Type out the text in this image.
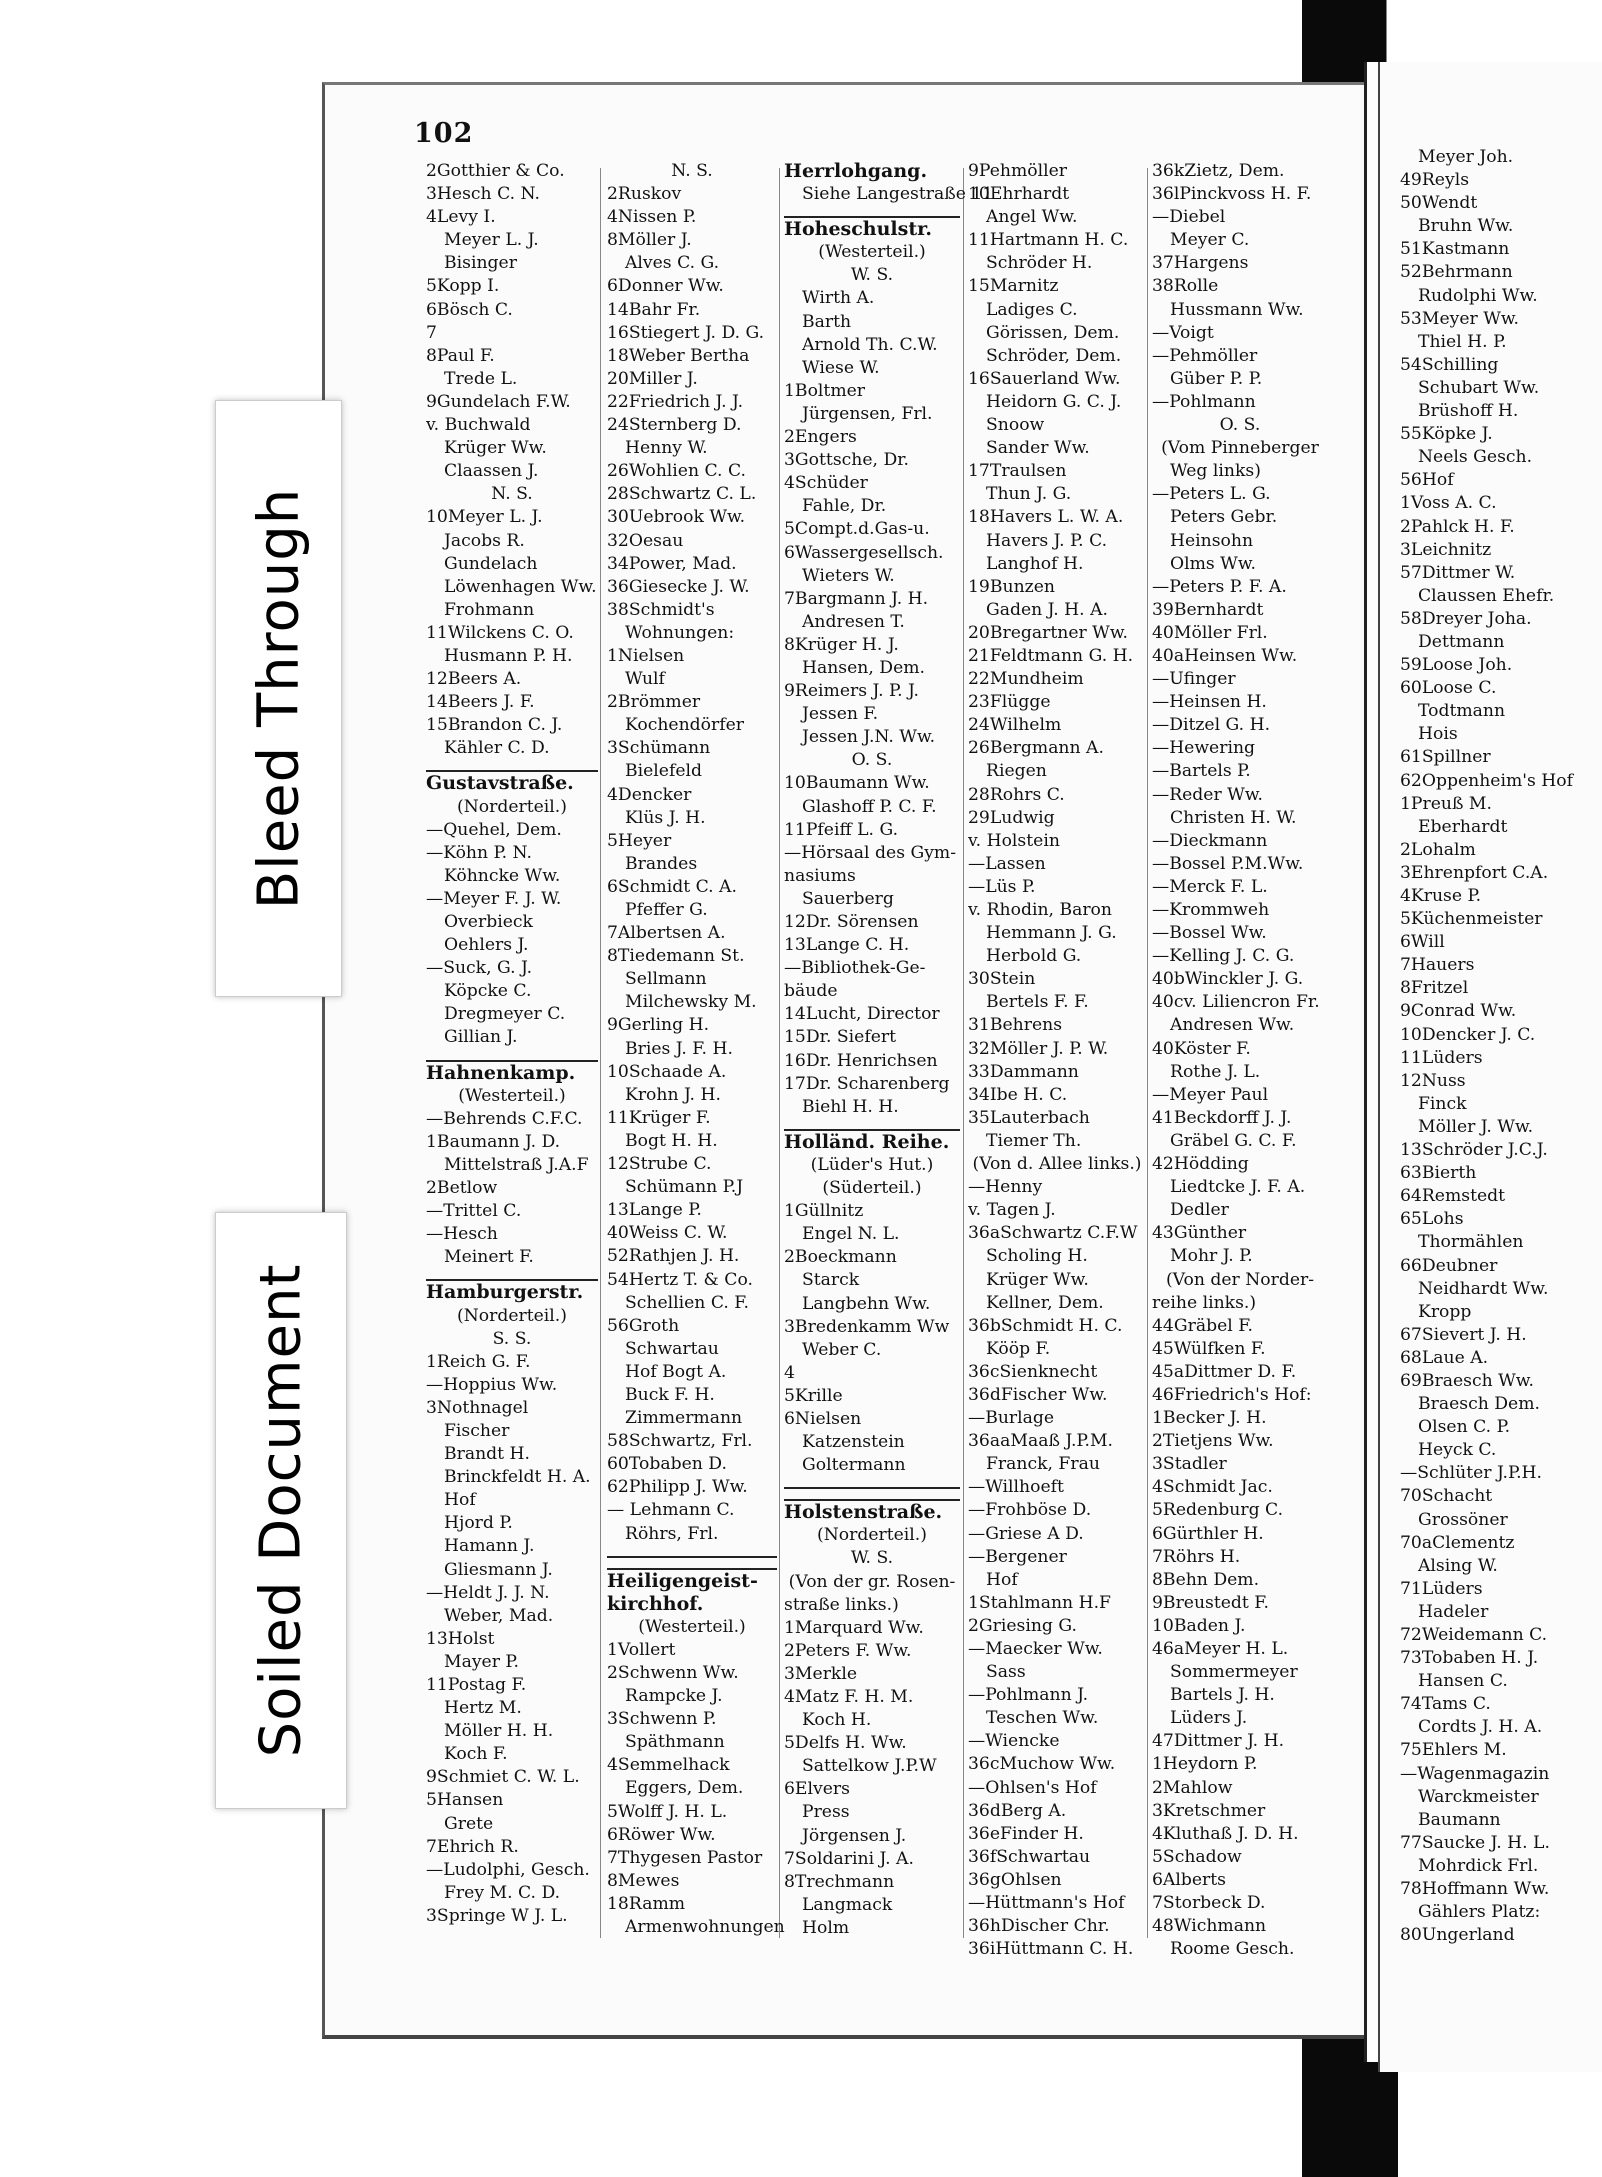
102
2Gotthier & Co.
3Hesch C. N.
4Levy I.
Meyer L. J.
Bisinger
5Kopp I.
6Bösch C.
7
8Paul F.
Trede L.
9Gundelach F.W.
v. Buchwald
Krüger Ww.
Claassen J.
N. S.
10Meyer L. J.
Jacobs R.
Gundelach
Löwenhagen Ww.
Frohmann
11Wilckens C. O.
Husmann P. H.
12Beers A.
14Beers J. F.
15Brandon C. J.
Kähler C. D.
Gustavstraße.
(Norderteil.)
—Quehel, Dem.
—Köhn P. N.
Köhncke Ww.
—Meyer F. J. W.
Overbieck
Oehlers J.
—Suck, G. J.
Köpcke C.
Dregmeyer C.
Gillian J.
Hahnenkamp.
(Westerteil.)
—Behrends C.F.C.
1Baumann J. D.
Mittelstraß J.A.F
2Betlow
—Trittel C.
—Hesch
Meinert F.
Hamburgerstr.
(Norderteil.)
S. S.
1Reich G. F.
—Hoppius Ww.
3Nothnagel
Fischer
Brandt H.
Brinckfeldt H. A.
Hof
Hjord P.
Hamann J.
Gliesmann J.
—Heldt J. J. N.
Weber, Mad.
13Holst
Mayer P.
11Postag F.
Hertz M.
Möller H. H.
Koch F.
9Schmiet C. W. L.
5Hansen
Grete
7Ehrich R.
—Ludolphi, Gesch.
Frey M. C. D.
3Springe W J. L.
N. S.
2Ruskov
4Nissen P.
8Möller J.
Alves C. G.
6Donner Ww.
14Bahr Fr.
16Stiegert J. D. G.
18Weber Bertha
20Miller J.
22Friedrich J. J.
24Sternberg D.
Henny W.
26Wohlien C. C.
28Schwartz C. L.
30Uebrook Ww.
32Oesau
34Power, Mad.
36Giesecke J. W.
38Schmidt's
Wohnungen:
1Nielsen
Wulf
2Brömmer
Kochendörfer
3Schümann
Bielefeld
4Dencker
Klüs J. H.
5Heyer
Brandes
6Schmidt C. A.
Pfeffer G.
7Albertsen A.
8Tiedemann St.
Sellmann
Milchewsky M.
9Gerling H.
Bries J. F. H.
10Schaade A.
Krohn J. H.
11Krüger F.
Bogt H. H.
12Strube C.
Schümann P.J
13Lange P.
40Weiss C. W.
52Rathjen J. H.
54Hertz T. & Co.
Schellien C. F.
56Groth
Schwartau
Hof Bogt A.
Buck F. H.
Zimmermann
58Schwartz, Frl.
60Tobaben D.
62Philipp J. Ww.
— Lehmann C.
Röhrs, Frl.
Heiligengeist-
kirchhof.
(Westerteil.)
1Vollert
2Schwenn Ww.
Rampcke J.
3Schwenn P.
Späthmann
4Semmelhack
Eggers, Dem.
5Wolff J. H. L.
6Röwer Ww.
7Thygesen Pastor
8Mewes
18Ramm
Armenwohnungen
Herrlohgang.
Siehe Langestraße 11
Hoheschulstr.
(Westerteil.)
W. S.
Wirth A.
Barth
Arnold Th. C.W.
Wiese W.
1Boltmer
Jürgensen, Frl.
2Engers
3Gottsche, Dr.
4Schüder
Fahle, Dr.
5Compt.d.Gas-u.
6Wassergesellsch.
Wieters W.
7Bargmann J. H.
Andresen T.
8Krüger H. J.
Hansen, Dem.
9Reimers J. P. J.
Jessen F.
Jessen J.N. Ww.
O. S.
10Baumann Ww.
Glashoff P. C. F.
11Pfeiff L. G.
—Hörsaal des Gym-
nasiums
Sauerberg
12Dr. Sörensen
13Lange C. H.
—Bibliothek-Ge-
bäude
14Lucht, Director
15Dr. Siefert
16Dr. Henrichsen
17Dr. Scharenberg
Biehl H. H.
Holländ. Reihe.
(Lüder's Hut.)
(Süderteil.)
1Güllnitz
Engel N. L.
2Boeckmann
Starck
Langbehn Ww.
3Bredenkamm Ww
Weber C.
4
5Krille
6Nielsen
Katzenstein
Goltermann
Holstenstraße.
(Norderteil.)
W. S.
(Von der gr. Rosen-
straße links.)
1Marquard Ww.
2Peters F. Ww.
3Merkle
4Matz F. H. M.
Koch H.
5Delfs H. Ww.
Sattelkow J.P.W
6Elvers
Press
Jörgensen J.
7Soldarini J. A.
8Trechmann
Langmack
Holm
9Pehmöller
10Ehrhardt
Angel Ww.
11Hartmann H. C.
Schröder H.
15Marnitz
Ladiges C.
Görissen, Dem.
Schröder, Dem.
16Sauerland Ww.
Heidorn G. C. J.
Snoow
Sander Ww.
17Traulsen
Thun J. G.
18Havers L. W. A.
Havers J. P. C.
Langhof H.
19Bunzen
Gaden J. H. A.
20Bregartner Ww.
21Feldtmann G. H.
22Mundheim
23Flügge
24Wilhelm
26Bergmann A.
Riegen
28Rohrs C.
29Ludwig
v. Holstein
—Lassen
—Lüs P.
v. Rhodin, Baron
Hemmann J. G.
Herbold G.
30Stein
Bertels F. F.
31Behrens
32Möller J. P. W.
33Dammann
34Ibe H. C.
35Lauterbach
Tiemer Th.
(Von d. Allee links.)
—Henny
v. Tagen J.
36aSchwartz C.F.W
Scholing H.
Krüger Ww.
Kellner, Dem.
36bSchmidt H. C.
Kööp F.
36cSienknecht
36dFischer Ww.
—Burlage
36aaMaaß J.P.M.
Franck, Frau
—Willhoeft
—Frohböse D.
—Griese A D.
—Bergener
Hof
1Stahlmann H.F
2Griesing G.
—Maecker Ww.
Sass
—Pohlmann J.
Teschen Ww.
—Wiencke
36cMuchow Ww.
—Ohlsen's Hof
36dBerg A.
36eFinder H.
36fSchwartau
36gOhlsen
—Hüttmann's Hof
36hDischer Chr.
36iHüttmann C. H.
36kZietz, Dem.
36lPinckvoss H. F.
—Diebel
Meyer C.
37Hargens
38Rolle
Hussmann Ww.
—Voigt
—Pehmöller
Güber P. P.
—Pohlmann
O. S.
(Vom Pinneberger
Weg links)
—Peters L. G.
Peters Gebr.
Heinsohn
Olms Ww.
—Peters P. F. A.
39Bernhardt
40Möller Frl.
40aHeinsen Ww.
—Ufinger
—Heinsen H.
—Ditzel G. H.
—Hewering
—Bartels P.
—Reder Ww.
Christen H. W.
—Dieckmann
—Bossel P.M.Ww.
—Merck F. L.
—Krommweh
—Bossel Ww.
—Kelling J. C. G.
40bWinckler J. G.
40cv. Liliencron Fr.
Andresen Ww.
40Köster F.
Rothe J. L.
—Meyer Paul
41Beckdorff J. J.
Gräbel G. C. F.
42Hödding
Liedtcke J. F. A.
Dedler
43Günther
Mohr J. P.
(Von der Norder-
reihe links.)
44Gräbel F.
45Wülfken F.
45aDittmer D. F.
46Friedrich's Hof:
1Becker J. H.
2Tietjens Ww.
3Stadler
4Schmidt Jac.
5Redenburg C.
6Gürthler H.
7Röhrs H.
8Behn Dem.
9Breustedt F.
10Baden J.
46aMeyer H. L.
Sommermeyer
Bartels J. H.
Lüders J.
47Dittmer J. H.
1Heydorn P.
2Mahlow
3Kretschmer
4Kluthaß J. D. H.
5Schadow
6Alberts
7Storbeck D.
48Wichmann
Roome Gesch.
Meyer Joh.
49Reyls
50Wendt
Bruhn Ww.
51Kastmann
52Behrmann
Rudolphi Ww.
53Meyer Ww.
Thiel H. P.
54Schilling
Schubart Ww.
Brüshoff H.
55Köpke J.
Neels Gesch.
56Hof
1Voss A. C.
2Pahlck H. F.
3Leichnitz
57Dittmer W.
Claussen Ehefr.
58Dreyer Joha.
Dettmann
59Loose Joh.
60Loose C.
Todtmann
Hois
61Spillner
62Oppenheim's Hof
1Preuß M.
Eberhardt
2Lohalm
3Ehrenpfort C.A.
4Kruse P.
5Küchenmeister
6Will
7Hauers
8Fritzel
9Conrad Ww.
10Dencker J. C.
11Lüders
12Nuss
Finck
Möller J. Ww.
13Schröder J.C.J.
63Bierth
64Remstedt
65Lohs
Thormählen
66Deubner
Neidhardt Ww.
Kropp
67Sievert J. H.
68Laue A.
69Braesch Ww.
Braesch Dem.
Olsen C. P.
Heyck C.
—Schlüter J.P.H.
70Schacht
Grossöner
70aClementz
Alsing W.
71Lüders
Hadeler
72Weidemann C.
73Tobaben H. J.
Hansen C.
74Tams C.
Cordts J. H. A.
75Ehlers M.
—Wagenmagazin
Warckmeister
Baumann
77Saucke J. H. L.
Mohrdick Frl.
78Hoffmann Ww.
Gählers Platz:
80Ungerland
Bleed Through
Soiled Document
